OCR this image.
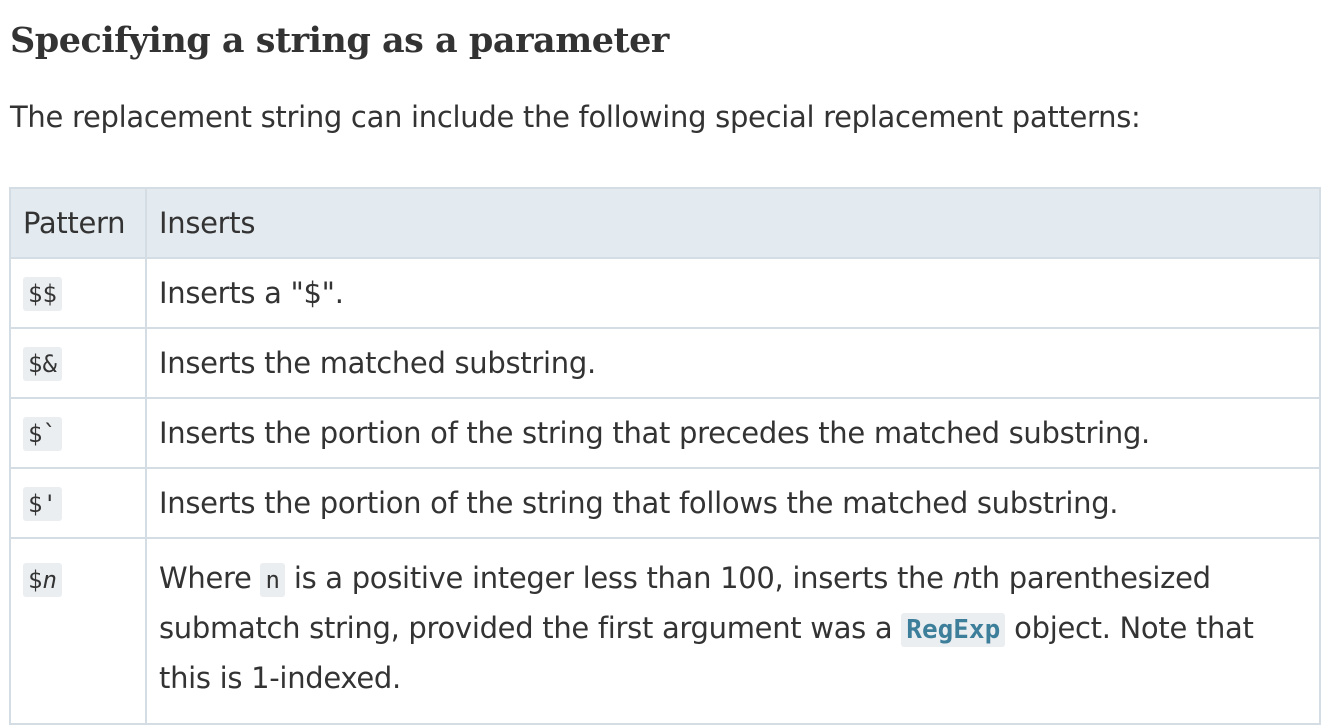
Specifying a string as a parameter

The replacement string can include the following special replacement patterns:

Pattern	Inserts
$$	Inserts a "$".
$&	Inserts the matched substring.
$`	Inserts the portion of the string that precedes the matched substring.
$'	Inserts the portion of the string that follows the matched substring.
$n	Where n is a positive integer less than 100, inserts the nth parenthesized submatch string, provided the first argument was a RegExp object. Note that this is 1-indexed.
